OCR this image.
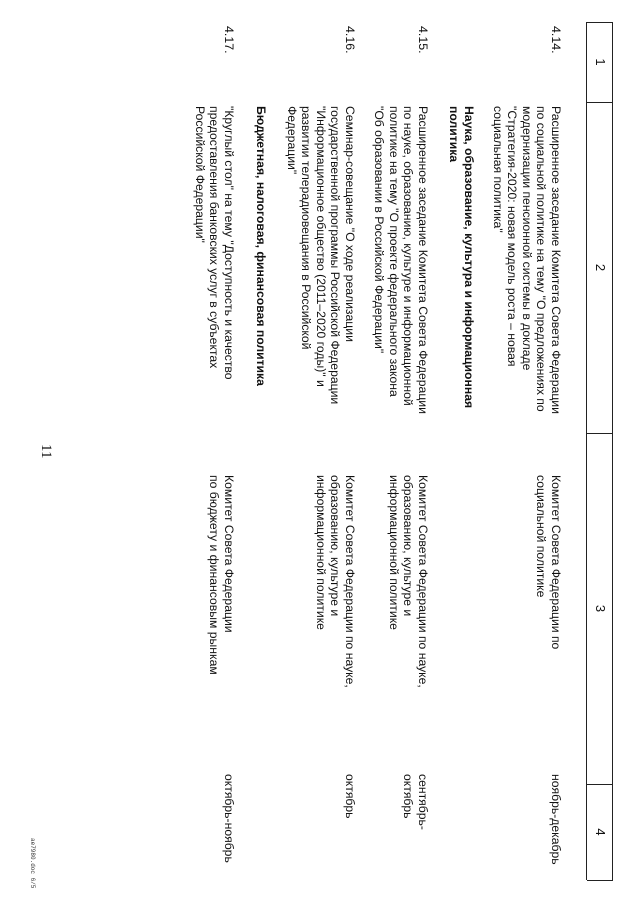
11
1
2
3
4
4.14.
Расширенное заседание Комитета Совета Федерации
по социальной политике на тему "О предложениях по
модернизации пенсионной системы в докладе
"Стратегия-2020: новая модель роста – новая
социальная политика"
Комитет Совета Федерации по
социальной политике
ноябрь-декабрь
Наука, образование, культура и информационная
политика
4.15.
Расширенное заседание Комитета Совета Федерации
по науке, образованию, культуре и информационной
политике на тему "О проекте федерального закона
"Об образовании в Российской Федерации"
Комитет Совета Федерации по науке,
образованию, культуре и
информационной политике
сентябрь-
октябрь
4.16.
Семинар-совещание "О ходе реализации
государственной программы Российской Федерации
"Информационное общество (2011–2020 годы)" и
развитии телерадиовещания в Российской
Федерации"
Комитет Совета Федерации по науке,
образованию, культуре и
информационной политике
октябрь
Бюджетная, налоговая, финансовая политика
4.17.
"Круглый стол" на тему "Доступность и качество
предоставления банковских услуг в субъектах
Российской Федерации"
Комитет Совета Федерации
по бюджету и финансовым рынкам
октябрь-ноябрь
ae7980.doc 6/5
